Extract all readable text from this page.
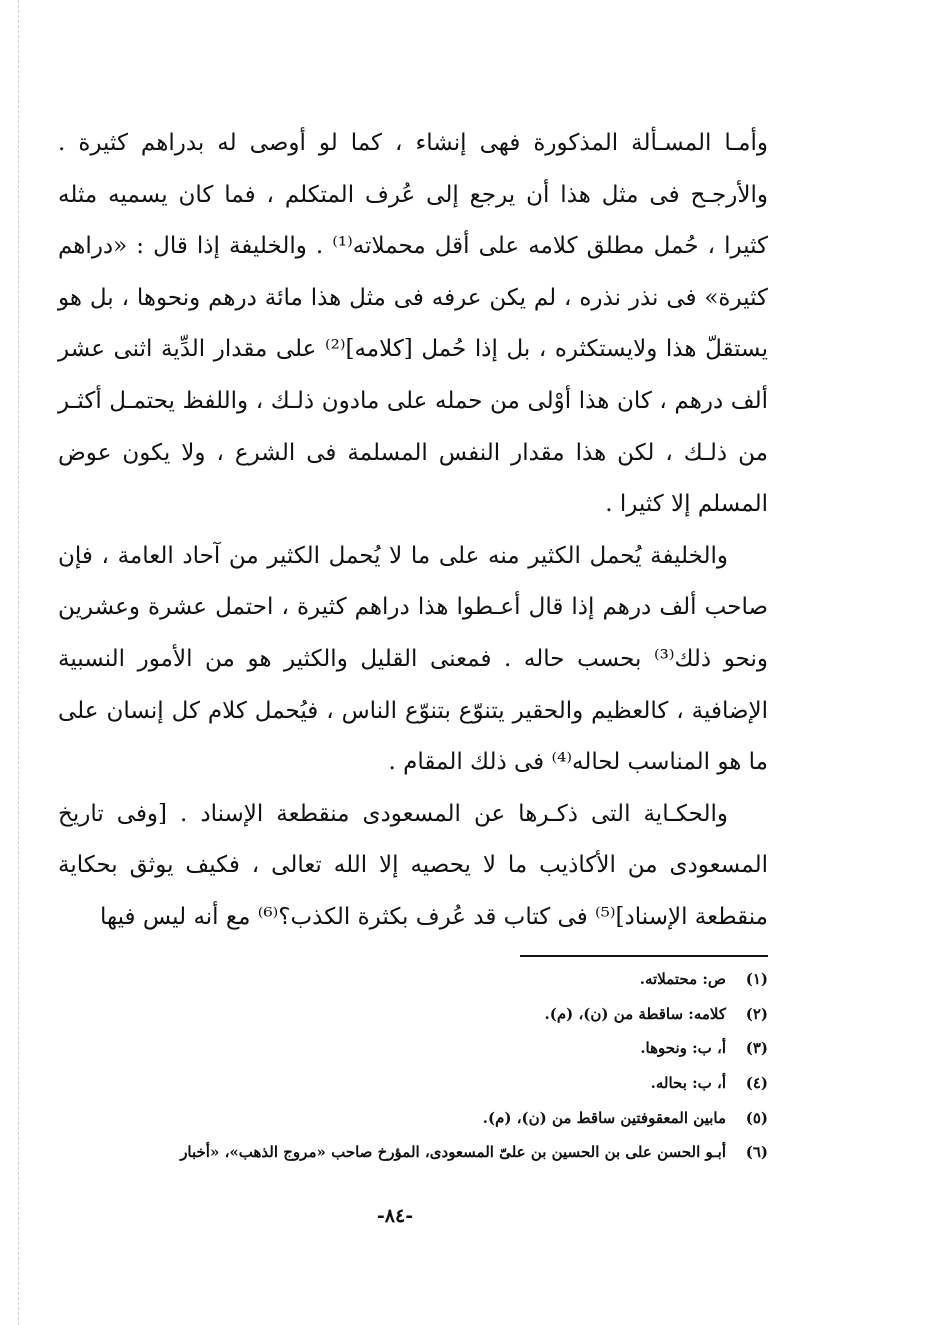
وأمـا المسـألة المذكورة فهى إنشاء ، كما لو أوصى له بدراهم كثيرة . والأرجـح فى مثل هذا أن يرجع إلى عُرف المتكلم ، فما كان يسميه مثله كثيرا ، حُمل مطلق كلامه على أقل محملاته⁽¹⁾ . والخليفة إذا قال : «دراهم كثيرة» فى نذر نذره ، لم يكن عرفه فى مثل هذا مائة درهم ونحوها ، بل هو يستقلّ هذا ولايستكثره ، بل إذا حُمل [كلامه]⁽²⁾ على مقدار الدِّية اثنى عشر ألف درهم ، كان هذا أوْلى من حمله على مادون ذلـك ، واللفظ يحتمـل أكثـر من ذلـك ، لكن هذا مقدار النفس المسلمة فى الشرع ، ولا يكون عوض المسلم إلا كثيرا .

والخليفة يُحمل الكثير منه على ما لا يُحمل الكثير من آحاد العامة ، فإن صاحب ألف درهم إذا قال أعـطوا هذا دراهم كثيرة ، احتمل عشرة وعشرين ونحو ذلك⁽³⁾ بحسب حاله . فمعنى القليل والكثير هو من الأمور النسبية الإضافية ، كالعظيم والحقير يتنوّع بتنوّع الناس ، فيُحمل كلام كل إنسان على ما هو المناسب لحاله⁽⁴⁾ فى ذلك المقام .

والحكـاية التى ذكـرها عن المسعودى منقطعة الإسناد . [وفى تاريخ المسعودى من الأكاذيب ما لا يحصيه إلا الله تعالى ، فكيف يوثق بحكاية منقطعة الإسناد]⁽⁵⁾ فى كتاب قد عُرف بكثرة الكذب؟⁽⁶⁾ مع أنه ليس فيها

(١)
ص: محتملاته.
(٢)
كلامه: ساقطة من (ن)، (م).
(٣)
أ، ب: ونحوها.
(٤)
أ، ب: بحاله.
(٥)
مابين المعقوفتين ساقط من (ن)، (م).
(٦)
أبـو الحسن على بن الحسين بن علىّ المسعودى، المؤرخ صاحب «مروج الذهب»، «أخبار
-٨٤-
